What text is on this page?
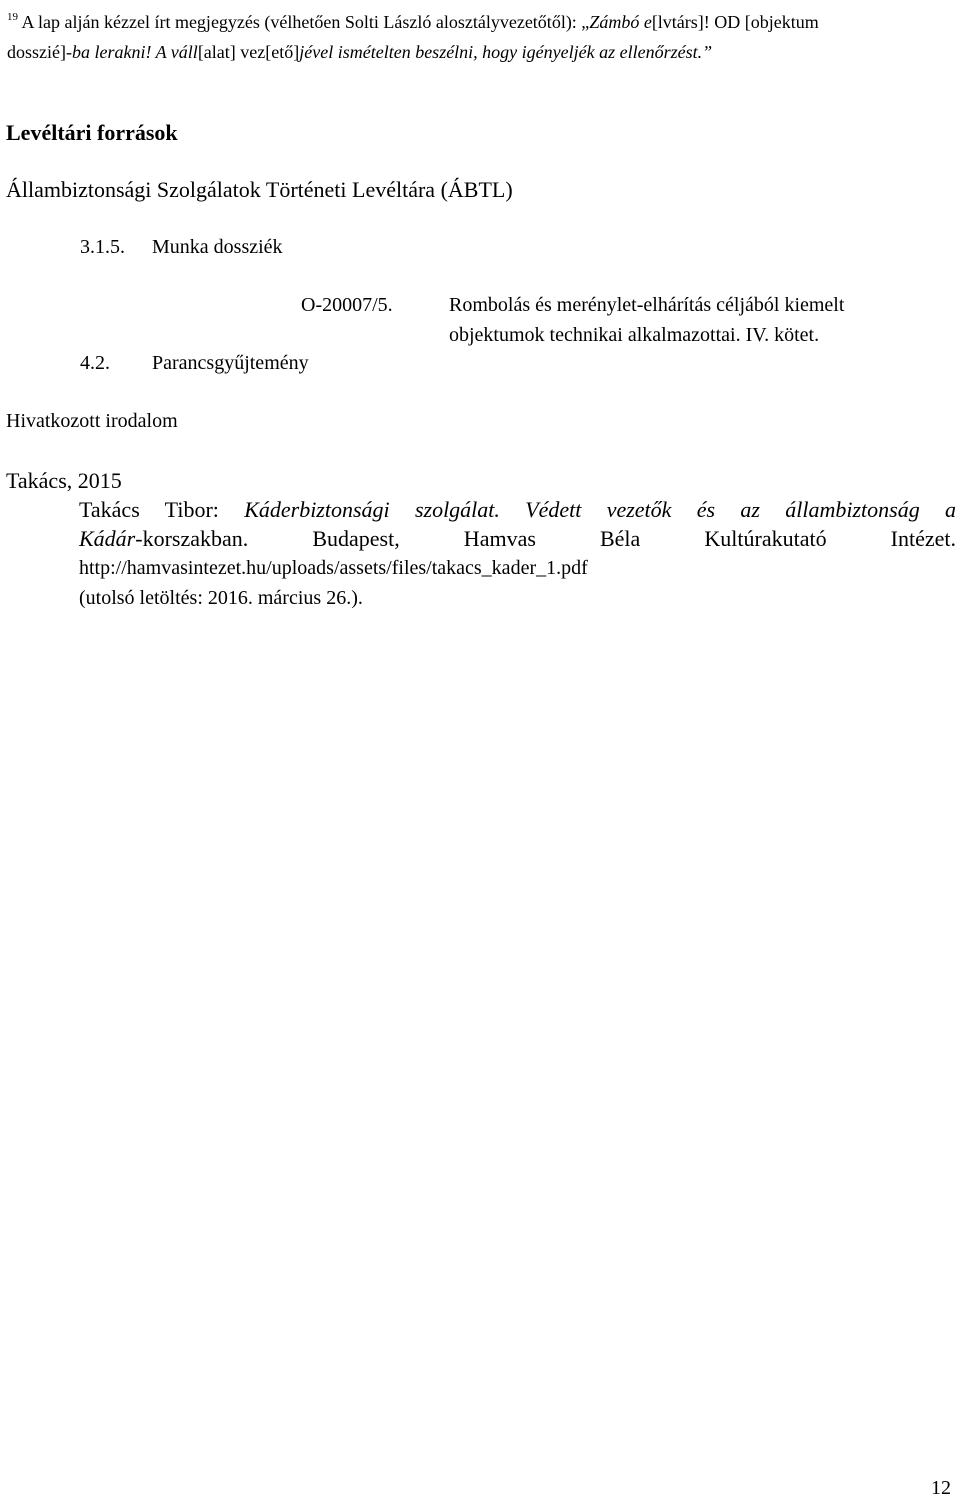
$^{19}$ A lap alján kézzel írt megjegyzés (vélhetően Solti László alosztályvezetőtől): „Zámbó e[lvtárs]! OD [objektum
dosszié]-ba lerakni! A váll[alat] vez[ető]jével ismételten beszélni, hogy igényeljék az ellenőrzést.”
Levéltári források
Állambiztonsági Szolgálatok Történeti Levéltára (ÁBTL)
3.1.5. Munka dossziék
O-20007/5.	Rombolás és merénylet-elhárítás céljából kiemelt
objektumok technikai alkalmazottai. IV. kötet.
4.2. Parancsgyűjtemény
Hivatkozott irodalom
Takács, 2015
Takács Tibor: Káderbiztonsági szolgálat. Védett vezetők és az állambiztonság a
Kádár-korszakban. Budapest, Hamvas Béla Kultúrakutató Intézet.
http://hamvasintezet.hu/uploads/assets/files/takacs_kader_1.pdf
(utolsó letöltés: 2016. március 26.).
12
